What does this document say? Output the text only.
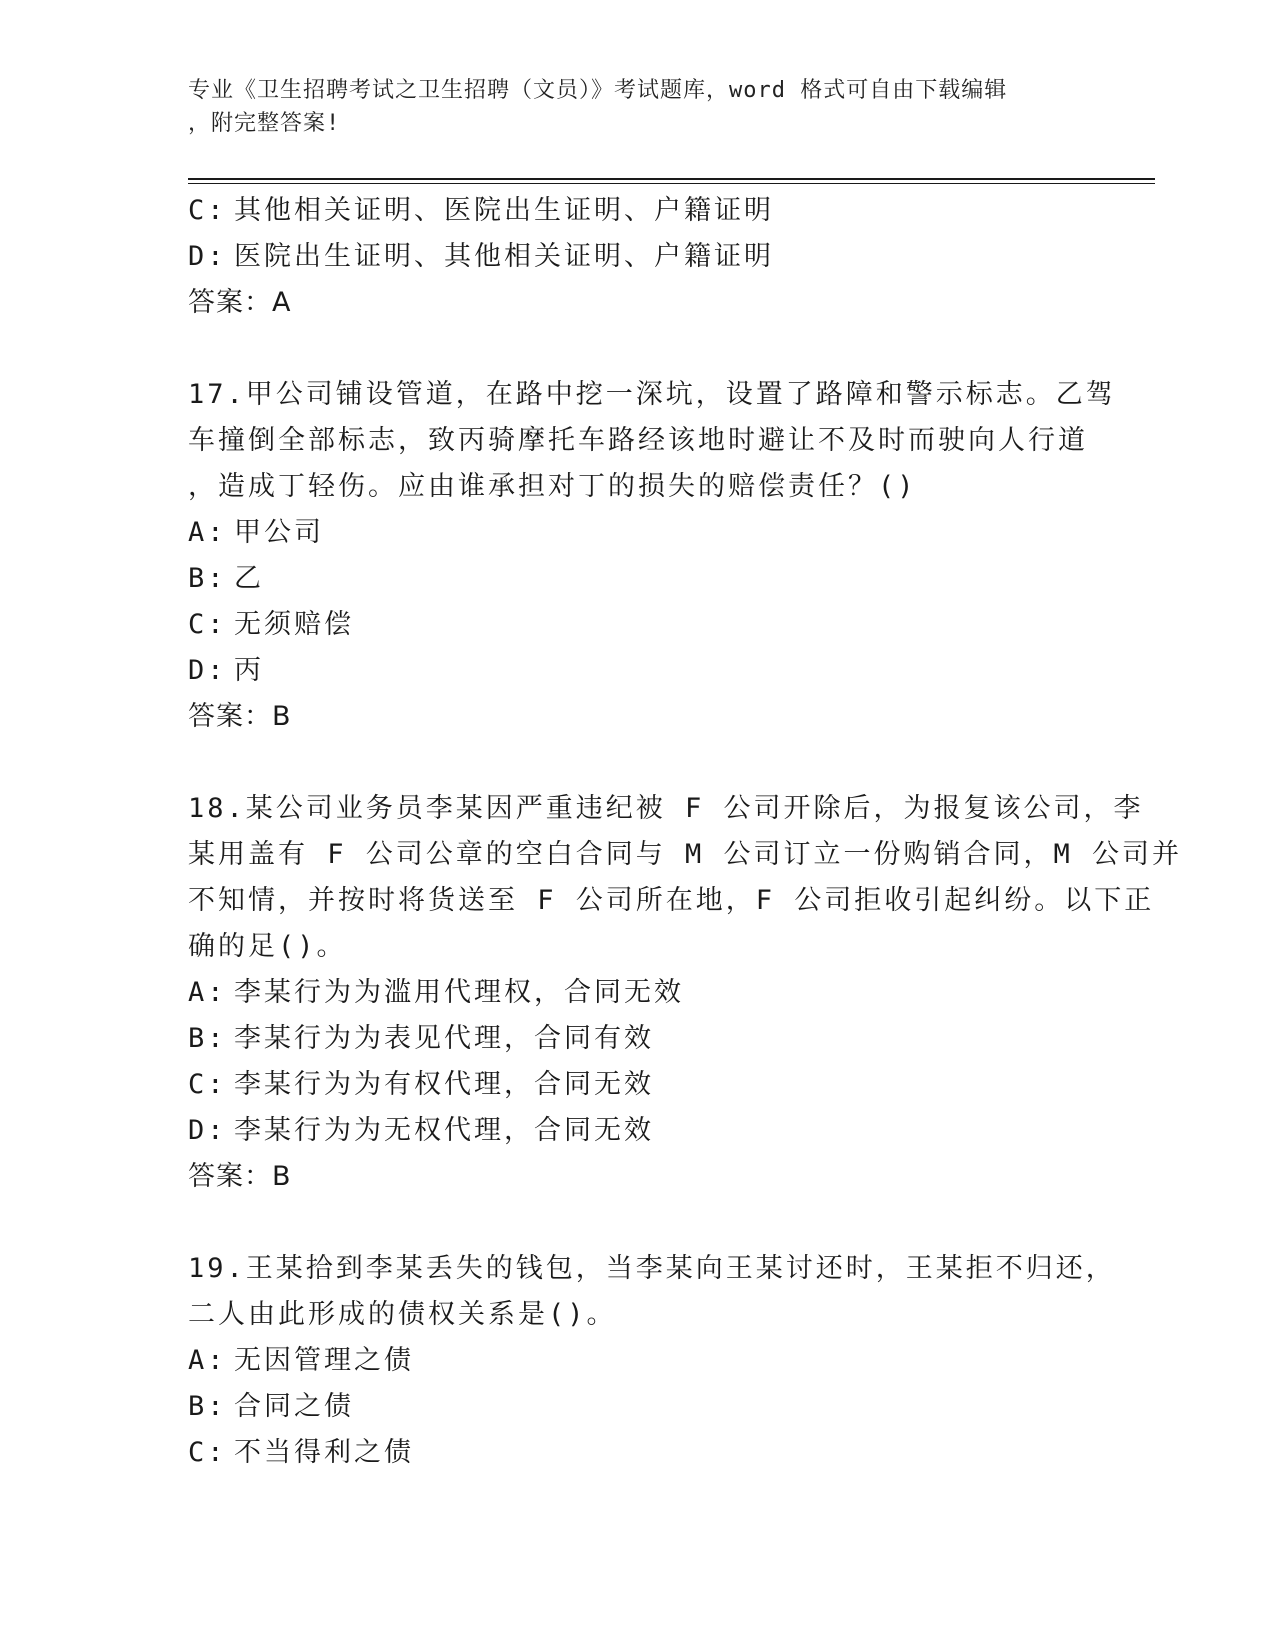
专业《卫生招聘考试之卫生招聘（文员）》考试题库，word 格式可自由下载编辑
，附完整答案!
C: 其他相关证明、医院出生证明、户籍证明
D: 医院出生证明、其他相关证明、户籍证明
答案：A
17.甲公司铺设管道，在路中挖一深坑，设置了路障和警示标志。乙驾
车撞倒全部标志，致丙骑摩托车路经该地时避让不及时而驶向人行道
，造成丁轻伤。应由谁承担对丁的损失的赔偿责任？()
A: 甲公司
B: 乙
C: 无须赔偿
D: 丙
答案：B
18.某公司业务员李某因严重违纪被 F 公司开除后，为报复该公司，李
某用盖有 F 公司公章的空白合同与 M 公司订立一份购销合同，M 公司并
不知情，并按时将货送至 F 公司所在地，F 公司拒收引起纠纷。以下正
确的足()。
A: 李某行为为滥用代理权，合同无效
B: 李某行为为表见代理，合同有效
C: 李某行为为有权代理，合同无效
D: 李某行为为无权代理，合同无效
答案：B
19.王某拾到李某丢失的钱包，当李某向王某讨还时，王某拒不归还，
二人由此形成的债权关系是()。
A: 无因管理之债
B: 合同之债
C: 不当得利之债
